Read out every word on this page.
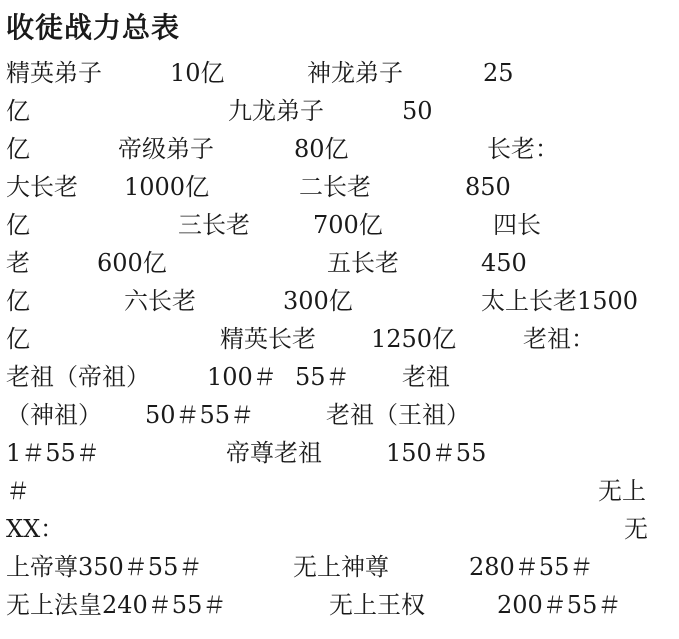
收徒战力总表
精英弟子	10亿	神龙弟子	25
亿	九龙弟子	50
亿	帝级弟子	80亿	长老：
大长老 1000亿	二长老	850
亿	三长老	700亿	四长
老	600亿	五长老	450
亿	六长老	300亿	太上长老1500
亿	精英长老 1250亿	老祖：
老祖（帝祖） 100＃ 55＃ 老祖
（神祖） 50＃55＃	老祖（王祖）
1＃55＃	帝尊老祖	150＃55
＃	无上
XX：	无
上帝尊350＃55＃	无上神尊	280＃55＃
无上法皇240＃55＃	无上王权	200＃55＃
